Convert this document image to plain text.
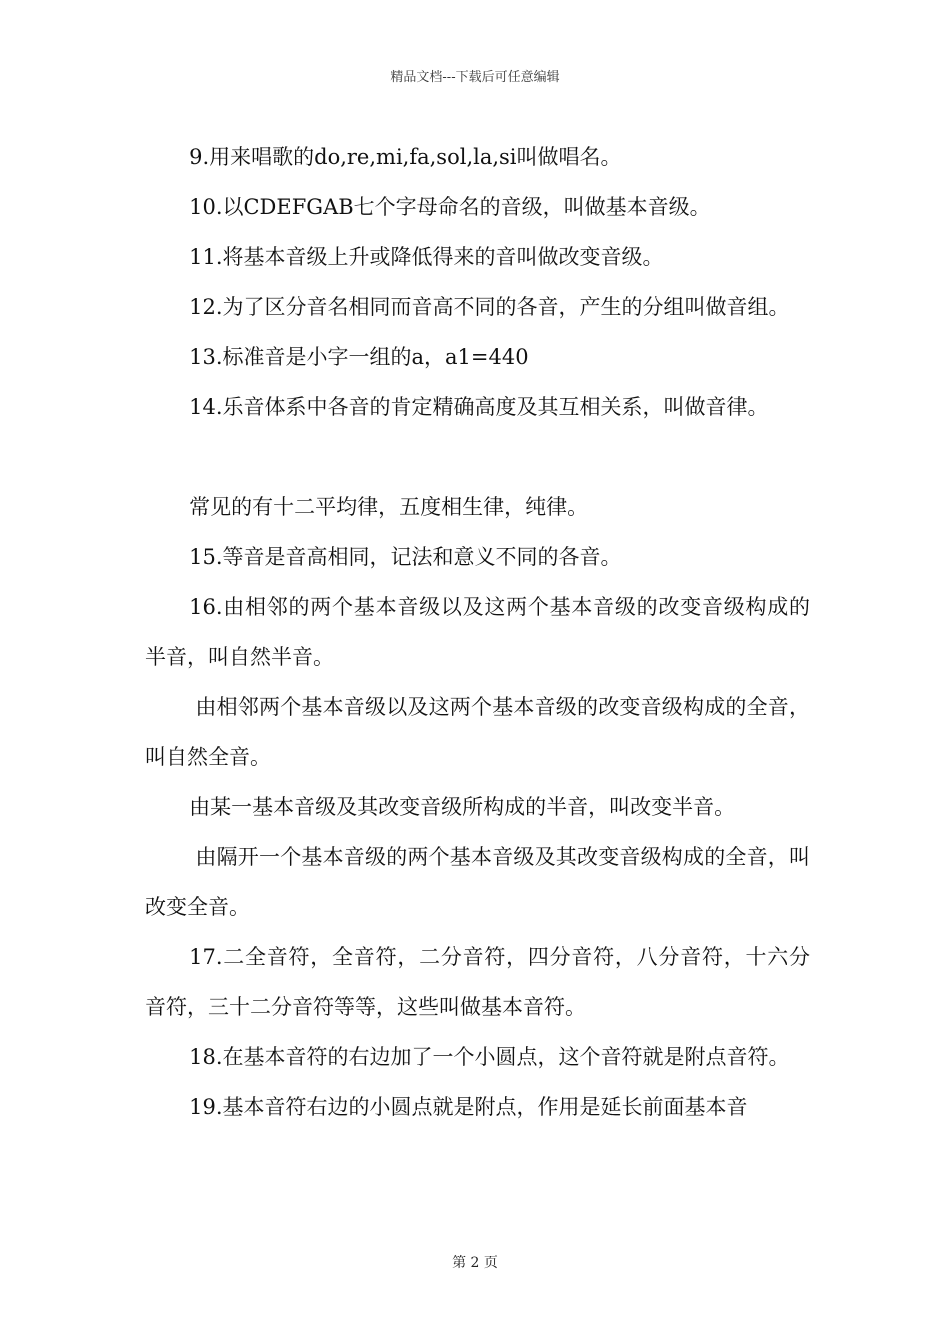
精品文档---下载后可任意编辑

9.用来唱歌的do,re,mi,fa,sol,la,si叫做唱名。

10.以CDEFGAB七个字母命名的音级，叫做基本音级。

11.将基本音级上升或降低得来的音叫做改变音级。

12.为了区分音名相同而音高不同的各音，产生的分组叫做音组。

13.标准音是小字一组的a，a1=440

14.乐音体系中各音的肯定精确高度及其互相关系，叫做音律。

常见的有十二平均律，五度相生律，纯律。

15.等音是音高相同，记法和意义不同的各音。

16.由相邻的两个基本音级以及这两个基本音级的改变音级构成的半音，叫自然半音。

由相邻两个基本音级以及这两个基本音级的改变音级构成的全音，叫自然全音。

由某一基本音级及其改变音级所构成的半音，叫改变半音。

由隔开一个基本音级的两个基本音级及其改变音级构成的全音，叫改变全音。

17.二全音符，全音符，二分音符，四分音符，八分音符，十六分音符，三十二分音符等等，这些叫做基本音符。

18.在基本音符的右边加了一个小圆点，这个音符就是附点音符。

19.基本音符右边的小圆点就是附点，作用是延长前面基本音

第 2 页
